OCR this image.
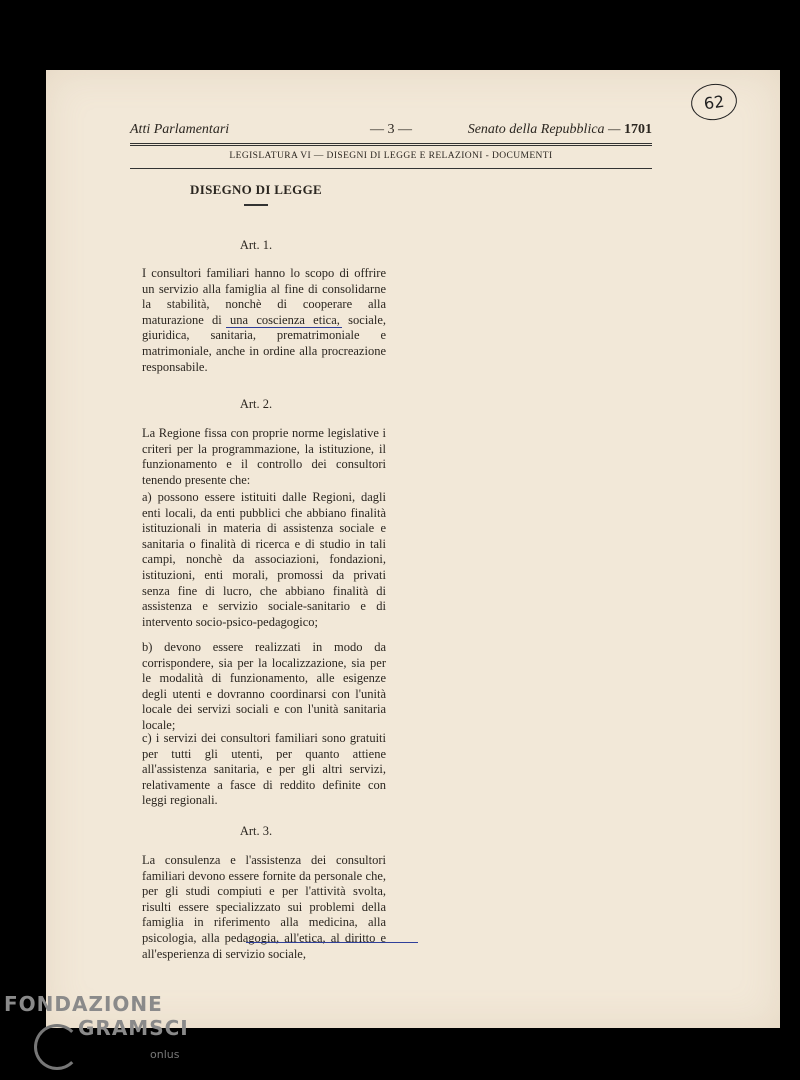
62
Atti Parlamentari	— 3 —	Senato della Repubblica — 1701
LEGISLATURA VI — DISEGNI DI LEGGE E RELAZIONI - DOCUMENTI
DISEGNO DI LEGGE
Art. 1.

I consultori familiari hanno lo scopo di offrire un servizio alla famiglia al fine di consolidarne la stabilità, nonchè di cooperare alla maturazione di una coscienza etica, sociale, giuridica, sanitaria, prematrimoniale e matrimoniale, anche in ordine alla procreazione responsabile.

Art. 2.

La Regione fissa con proprie norme legislative i criteri per la programmazione, la istituzione, il funzionamento e il controllo dei consultori tenendo presente che:

a) possono essere istituiti dalle Regioni, dagli enti locali, da enti pubblici che abbiano finalità istituzionali in materia di assistenza sociale e sanitaria o finalità di ricerca e di studio in tali campi, nonchè da associazioni, fondazioni, istituzioni, enti morali, promossi da privati senza fine di lucro, che abbiano finalità di assistenza e servizio sociale-sanitario e di intervento socio-psico-pedagogico;

b) devono essere realizzati in modo da corrispondere, sia per la localizzazione, sia per le modalità di funzionamento, alle esigenze degli utenti e dovranno coordinarsi con l'unità locale dei servizi sociali e con l'unità sanitaria locale;

c) i servizi dei consultori familiari sono gratuiti per tutti gli utenti, per quanto attiene all'assistenza sanitaria, e per gli altri servizi, relativamente a fasce di reddito definite con leggi regionali.

Art. 3.

La consulenza e l'assistenza dei consultori familiari devono essere fornite da personale che, per gli studi compiuti e per l'attività svolta, risulti essere specializzato sui problemi della famiglia in riferimento alla medicina, alla psicologia, alla pedagogia, all'etica, al diritto e all'esperienza di servizio sociale,

FONDAZIONE
GRAMSCI
onlus
